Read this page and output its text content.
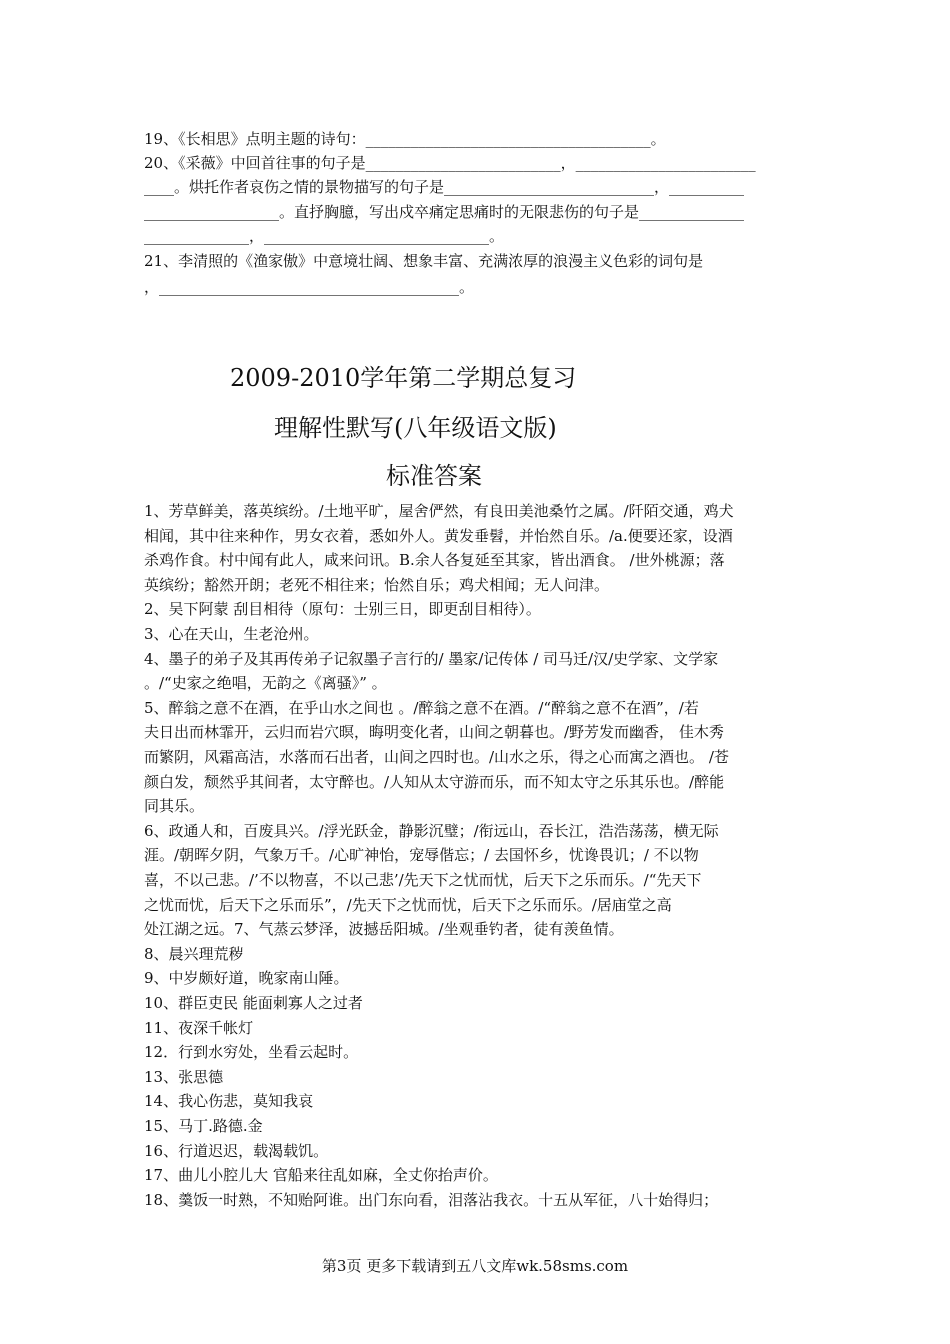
19、《长相思》点明主题的诗句：______________________________________。
20、《采薇》中回首往事的句子是__________________________，________________________
____。烘托作者哀伤之情的景物描写的句子是____________________________，__________
__________________。直抒胸臆，写出戍卒痛定思痛时的无限悲伤的句子是______________
______________，______________________________。
21、李清照的《渔家傲》中意境壮阔、想象丰富、充满浓厚的浪漫主义色彩的词句是
，________________________________________。
2009-2010学年第二学期总复习
理解性默写(八年级语文版)
标准答案
1、芳草鲜美，落英缤纷。/土地平旷，屋舍俨然，有良田美池桑竹之属。/阡陌交通，鸡犬
相闻，其中往来种作，男女衣着，悉如外人。黄发垂髫，并怡然自乐。/a.便要还家，设酒
杀鸡作食。村中闻有此人，咸来问讯。B.余人各复延至其家，皆出酒食。 /世外桃源；落
英缤纷；豁然开朗；老死不相往来；怡然自乐；鸡犬相闻；无人问津。
2、吴下阿蒙 刮目相待（原句：士别三日，即更刮目相待）。
3、心在天山，生老沧州。
4、墨子的弟子及其再传弟子记叙墨子言行的/ 墨家/记传体 / 司马迁/汉/史学家、文学家
。/“史家之绝唱，无韵之《离骚》” 。
5、醉翁之意不在酒，在乎山水之间也 。/醉翁之意不在酒。/“醉翁之意不在酒”，/若
夫日出而林霏开，云归而岩穴暝，晦明变化者，山间之朝暮也。/野芳发而幽香， 佳木秀
而繁阴，风霜高洁，水落而石出者，山间之四时也。/山水之乐，得之心而寓之酒也。 /苍
颜白发，颓然乎其间者，太守醉也。/人知从太守游而乐，而不知太守之乐其乐也。/醉能
同其乐。
6、政通人和，百废具兴。/浮光跃金，静影沉璧；/衔远山，吞长江，浩浩荡荡，横无际
涯。/朝晖夕阴，气象万千。/心旷神怡，宠辱偕忘；/ 去国怀乡，忧谗畏讥；/ 不以物
喜，不以己悲。/’不以物喜，不以己悲’/先天下之忧而忧，后天下之乐而乐。/“先天下
之忧而忧，后天下之乐而乐”，/先天下之忧而忧，后天下之乐而乐。/居庙堂之高
处江湖之远。7、气蒸云梦泽，波撼岳阳城。/坐观垂钓者，徒有羡鱼情。
8、晨兴理荒秽
9、中岁颇好道，晚家南山陲。
10、群臣吏民 能面刺寡人之过者
11、夜深千帐灯
12．行到水穷处，坐看云起时。
13、张思德
14、我心伤悲，莫知我哀
15、马丁.路德.金
16、行道迟迟，载渴载饥。
17、曲儿小腔儿大 官船来往乱如麻，全丈你抬声价。
18、羹饭一时熟，不知贻阿谁。出门东向看，泪落沾我衣。十五从军征，八十始得归；
第3页 更多下载请到五八文库wk.58sms.com
